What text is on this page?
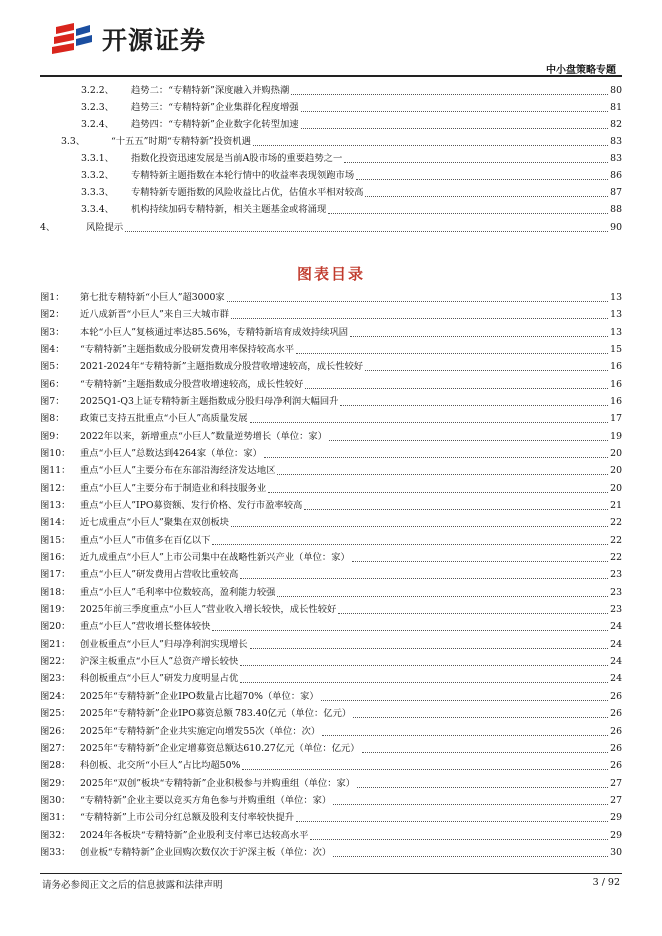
开源证券
中小盘策略专题
3.2.2、	趋势二：“专精特新”深度融入并购热潮	80
3.2.3、	趋势三：“专精特新”企业集群化程度增强	81
3.2.4、	趋势四：“专精特新”企业数字化转型加速	82
3.3、	“十五五”时期“专精特新”投资机遇	83
3.3.1、	指数化投资迅速发展是当前A股市场的重要趋势之一	83
3.3.2、	专精特新主题指数在本轮行情中的收益率表现领跑市场	86
3.3.3、	专精特新专题指数的风险收益比占优，估值水平相对较高	87
3.3.4、	机构持续加码专精特新，相关主题基金或将涌现	88
4、	风险提示	90
图表目录
图1：	第七批专精特新“小巨人”超3000家	13
图2：	近八成新晋“小巨人”来自三大城市群	13
图3：	本轮“小巨人”复核通过率达85.56%，专精特新培育成效持续巩固	13
图4：	“专精特新”主题指数成分股研发费用率保持较高水平	15
图5：	2021-2024年“专精特新”主题指数成分股营收增速较高，成长性较好	16
图6：	“专精特新”主题指数成分股营收增速较高，成长性较好	16
图7：	2025Q1-Q3上证专精特新主题指数成分股归母净利润大幅回升	16
图8：	政策已支持五批重点“小巨人”高质量发展	17
图9：	2022年以来，新增重点“小巨人”数量逆势增长（单位：家）	19
图10：	重点“小巨人”总数达到4264家（单位：家）	20
图11：	重点“小巨人”主要分布在东部沿海经济发达地区	20
图12：	重点“小巨人”主要分布于制造业和科技服务业	20
图13：	重点“小巨人”IPO募资额、发行价格、发行市盈率较高	21
图14：	近七成重点“小巨人”聚集在双创板块	22
图15：	重点“小巨人”市值多在百亿以下	22
图16：	近九成重点“小巨人”上市公司集中在战略性新兴产业（单位：家）	22
图17：	重点“小巨人”研发费用占营收比重较高	23
图18：	重点“小巨人”毛利率中位数较高，盈利能力较强	23
图19：	2025年前三季度重点“小巨人”营业收入增长较快，成长性较好	23
图20：	重点“小巨人”营收增长整体较快	24
图21：	创业板重点“小巨人”归母净利润实现增长	24
图22：	沪深主板重点“小巨人”总资产增长较快	24
图23：	科创板重点“小巨人”研发力度明显占优	24
图24：	2025年“专精特新”企业IPO数量占比超70%（单位：家）	26
图25：	2025年“专精特新”企业IPO募资总额 783.40 亿元（单位：亿元）	26
图26：	2025年“专精特新”企业共实施定向增发55次（单位：次）	26
图27：	2025年“专精特新”企业定增募资总额达610.27亿元（单位：亿元）	26
图28：	科创板、北交所“小巨人”占比均超50%	26
图29：	2025年“双创”板块“专精特新”企业积极参与并购重组（单位：家）	27
图30：	“专精特新”企业主要以竞买方角色参与并购重组（单位：家）	27
图31：	“专精特新”上市公司分红总额及股利支付率较快提升	29
图32：	2024年各板块“专精特新”企业股利支付率已达较高水平	29
图33：	创业板“专精特新”企业回购次数仅次于沪深主板（单位：次）	30
请务必参阅正文之后的信息披露和法律声明	3 / 92
